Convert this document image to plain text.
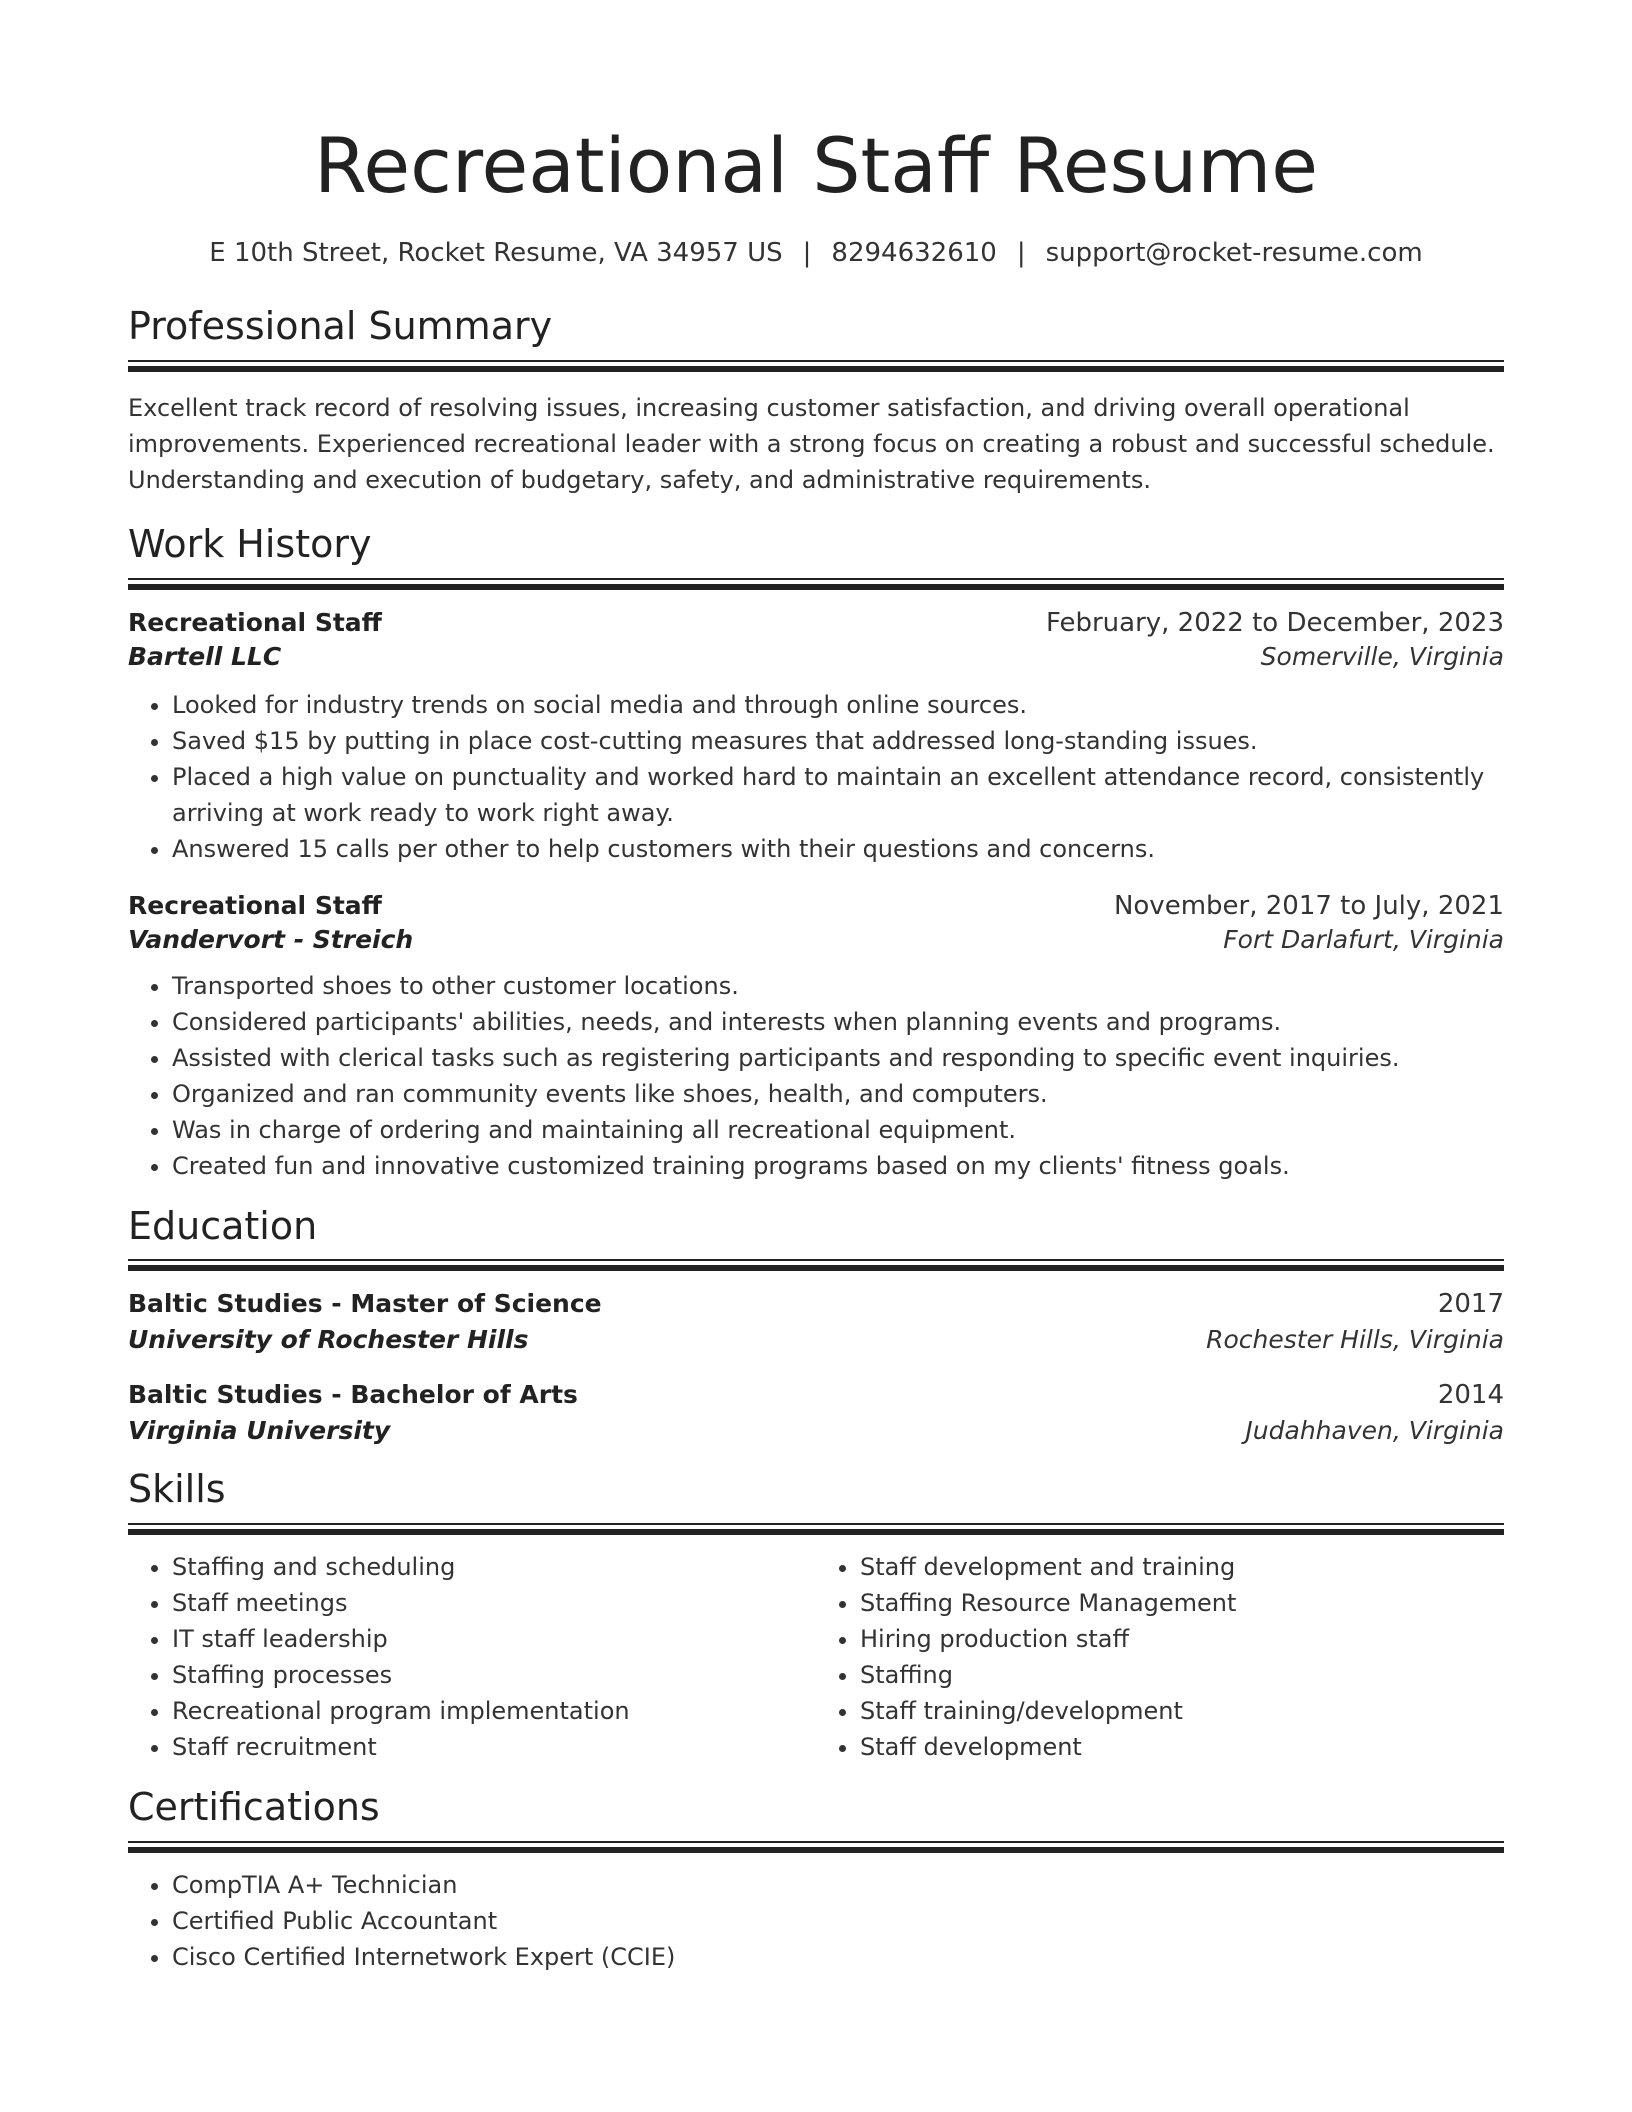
Recreational Staff Resume
E 10th Street, Rocket Resume, VA 34957 US | 8294632610 | support@rocket-resume.com
Professional Summary

Excellent track record of resolving issues, increasing customer satisfaction, and driving overall operational improvements. Experienced recreational leader with a strong focus on creating a robust and successful schedule. Understanding and execution of budgetary, safety, and administrative requirements.

Work History
Recreational Staff	February, 2022 to December, 2023
Bartell LLC	Somerville, Virginia
• Looked for industry trends on social media and through online sources.
• Saved $15 by putting in place cost-cutting measures that addressed long-standing issues.
• Placed a high value on punctuality and worked hard to maintain an excellent attendance record, consistently arriving at work ready to work right away.
• Answered 15 calls per other to help customers with their questions and concerns.
Recreational Staff	November, 2017 to July, 2021
Vandervort - Streich	Fort Darlafurt, Virginia
• Transported shoes to other customer locations.
• Considered participants' abilities, needs, and interests when planning events and programs.
• Assisted with clerical tasks such as registering participants and responding to specific event inquiries.
• Organized and ran community events like shoes, health, and computers.
• Was in charge of ordering and maintaining all recreational equipment.
• Created fun and innovative customized training programs based on my clients' fitness goals.
Education
Baltic Studies - Master of Science	2017
University of Rochester Hills	Rochester Hills, Virginia
Baltic Studies - Bachelor of Arts	2014
Virginia University	Judahhaven, Virginia
Skills
• Staffing and scheduling
• Staff meetings
• IT staff leadership
• Staffing processes
• Recreational program implementation
• Staff recruitment
• Staff development and training
• Staffing Resource Management
• Hiring production staff
• Staffing
• Staff training/development
• Staff development
Certifications
• CompTIA A+ Technician
• Certified Public Accountant
• Cisco Certified Internetwork Expert (CCIE)
